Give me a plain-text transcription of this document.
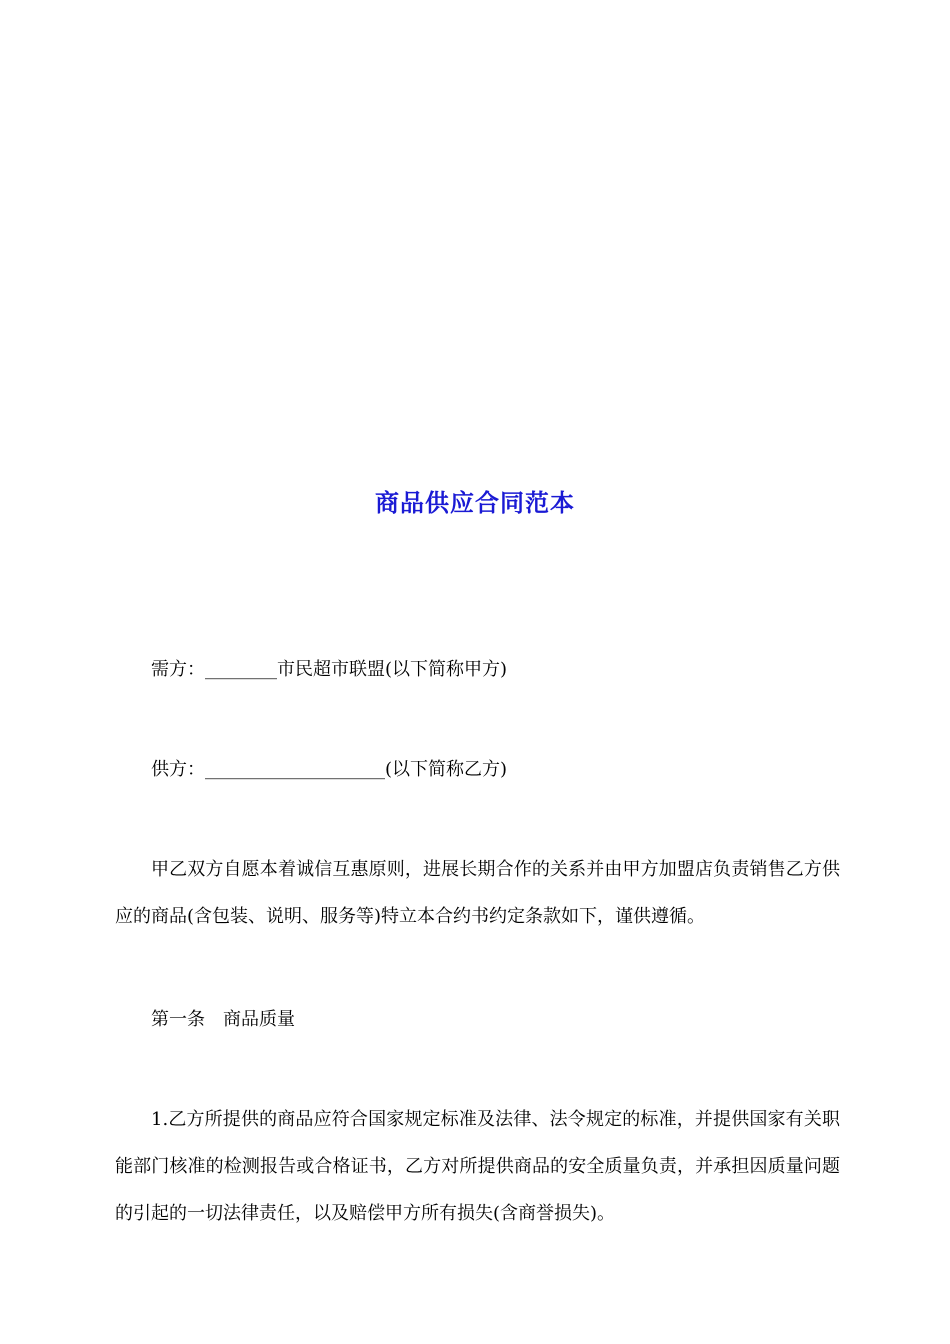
商品供应合同范本

需方：________市民超市联盟(以下简称甲方)

供方：____________________(以下简称乙方)

甲乙双方自愿本着诚信互惠原则，进展长期合作的关系并由甲方加盟店负责销售乙方供应的商品(含包装、说明、服务等)特立本合约书约定条款如下，谨供遵循。

第一条 商品质量

1.乙方所提供的商品应符合国家规定标准及法律、法令规定的标准，并提供国家有关职能部门核准的检测报告或合格证书，乙方对所提供商品的安全质量负责，并承担因质量问题的引起的一切法律责任，以及赔偿甲方所有损失(含商誉损失)。
